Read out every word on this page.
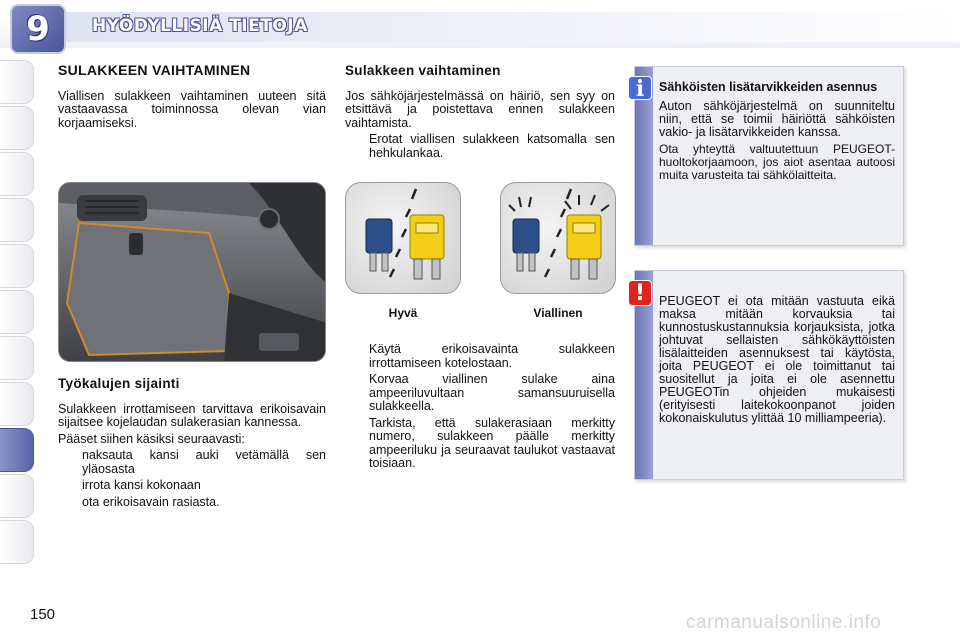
9	HYÖDYLLISIÄ TIETOJA
SULAKKEEN VAIHTAMINEN

Viallisen sulakkeen vaihtaminen uuteen sitä vastaavassa toiminnossa olevan vian korjaamiseksi.

Työkalujen sijainti

Sulakkeen irrottamiseen tarvittava erikoisavain sijaitsee kojelaudan sulakerasian kannessa.

Pääset siihen käsiksi seuraavasti:

naksauta kansi auki vetämällä sen yläosasta
irrota kansi kokonaan
ota erikoisavain rasiasta.
Sulakkeen vaihtaminen

Jos sähköjärjestelmässä on häiriö, sen syy on etsittävä ja poistettava ennen sulakkeen vaihtamista.

Erotat viallisen sulakkeen katsomalla sen hehkulankaa.
Hyvä	Viallinen
Käytä erikoisavainta sulakkeen irrottamiseen kotelostaan.
Korvaa viallinen sulake aina ampeeriluvultaan samansuuruisella sulakkeella.
Tarkista, että sulakerasiaan merkitty numero, sulakkeen päälle merkitty ampeeriluku ja seuraavat taulukot vastaavat toisiaan.
Sähköisten lisätarvikkeiden asennus

Auton sähköjärjestelmä on suunniteltu niin, että se toimii häiriöttä sähköisten vakio- ja lisätarvikkeiden kanssa.

Ota yhteyttä valtuutettuun PEUGEOT-huoltokorjaamoon, jos aiot asentaa autoosi muita varusteita tai sähkölaitteita.

i

PEUGEOT ei ota mitään vastuuta eikä maksa mitään korvauksia tai kunnostuskustannuksia korjauksista, jotka johtuvat sellaisten sähkökäyttöisten lisälaitteiden asennuksest tai käytösta, joita PEUGEOT ei ole toimittanut tai suositellut ja joita ei ole asennettu PEUGEOTin ohjeiden mukaisesti (erityisesti laitekokoonpanot joiden kokonaiskulutus ylittää 10 milliampeeria).

!
150	carmanualsonline.info
